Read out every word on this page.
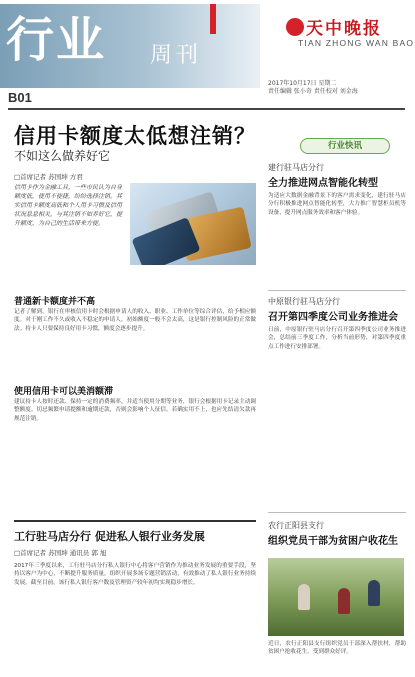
行业 周刊
天中晚报
TIAN ZHONG WAN BAO
2017年10月17日 星期二
责任编辑 张小奇 责任校对 刘金海
B01
信用卡额度太低想注销？
不如这么做养好它
□首席记者 苏国坤 方君
信用卡作为金融工具，一些市民认为自身额度低，使用不便捷，纷纷选择注销。其实信用卡额度高低和个人用卡习惯及信用状况息息相关，与其注销不如养好它，提升额度，为自己的生活带来方便。
普通新卡额度并不高
记者了解到，银行在审核信用卡时会根据申请人的收入、职业、工作单位等综合评估，给予相应额度。对于刚工作不久或收入不稳定的申请人，初始额度一般不会太高，这是银行控制风险的正常做法。持卡人只要保持良好用卡习惯，额度会逐步提升。
使用信用卡可以美消额滞
建议持卡人按时还款、保持一定的消费频率，并适当使用分期等业务，银行会根据用卡记录主动调整额度。切忌频繁申请提额和逾期还款，否则会影响个人征信。若确实用不上，也应先结清欠款再规范注销。
工行驻马店分行 促进私人银行业务发展
□首席记者 苏国坤 通讯员 郭 旭
2017年三季度以来，工行驻马店分行私人银行中心将客户营销作为推动业务发展的重要手段，坚持以客户为中心，不断提升服务质量，组织开展多场专题营销活动，有效推动了私人银行业务持续发展。截至目前，该行私人银行客户数及管理资产较年初均实现稳步增长。
行业快讯
建行驻马店分行
全力推进网点智能化转型
为适应大数据金融背景下的客户需求变化，建行驻马店分行积极推进网点智能化转型，大力推广智慧柜员机等设备，提升网点服务效率和客户体验。
中原银行驻马店分行
召开第四季度公司业务推进会
日前，中原银行驻马店分行召开第四季度公司业务推进会，总结前三季度工作，分析当前形势，对第四季度重点工作进行安排部署。
农行正阳县支行
组织党员干部为贫困户收花生
近日，农行正阳县支行组织党员干部深入帮扶村，帮助贫困户抢收花生，受到群众好评。
